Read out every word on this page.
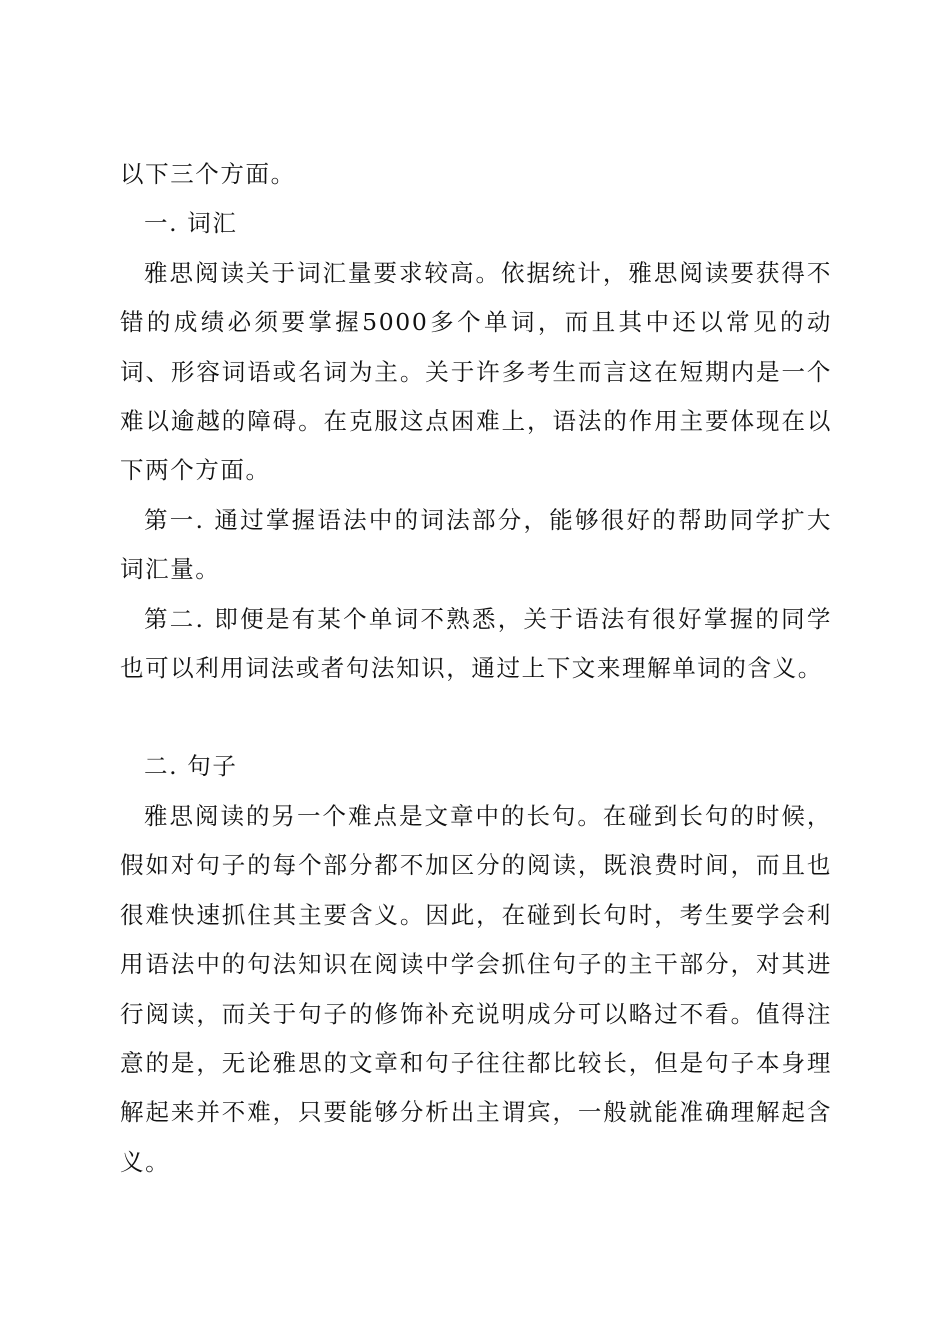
以下三个方面。

一. 词汇

雅思阅读关于词汇量要求较高。依据统计，雅思阅读要获得不错的成绩必须要掌握5000多个单词，而且其中还以常见的动词、形容词语或名词为主。关于许多考生而言这在短期内是一个难以逾越的障碍。在克服这点困难上，语法的作用主要体现在以下两个方面。

第一. 通过掌握语法中的词法部分，能够很好的帮助同学扩大词汇量。

第二. 即便是有某个单词不熟悉，关于语法有很好掌握的同学也可以利用词法或者句法知识，通过上下文来理解单词的含义。

二. 句子

雅思阅读的另一个难点是文章中的长句。在碰到长句的时候，假如对句子的每个部分都不加区分的阅读，既浪费时间，而且也很难快速抓住其主要含义。因此，在碰到长句时，考生要学会利用语法中的句法知识在阅读中学会抓住句子的主干部分，对其进行阅读，而关于句子的修饰补充说明成分可以略过不看。值得注意的是，无论雅思的文章和句子往往都比较长，但是句子本身理解起来并不难，只要能够分析出主谓宾，一般就能准确理解起含义。
